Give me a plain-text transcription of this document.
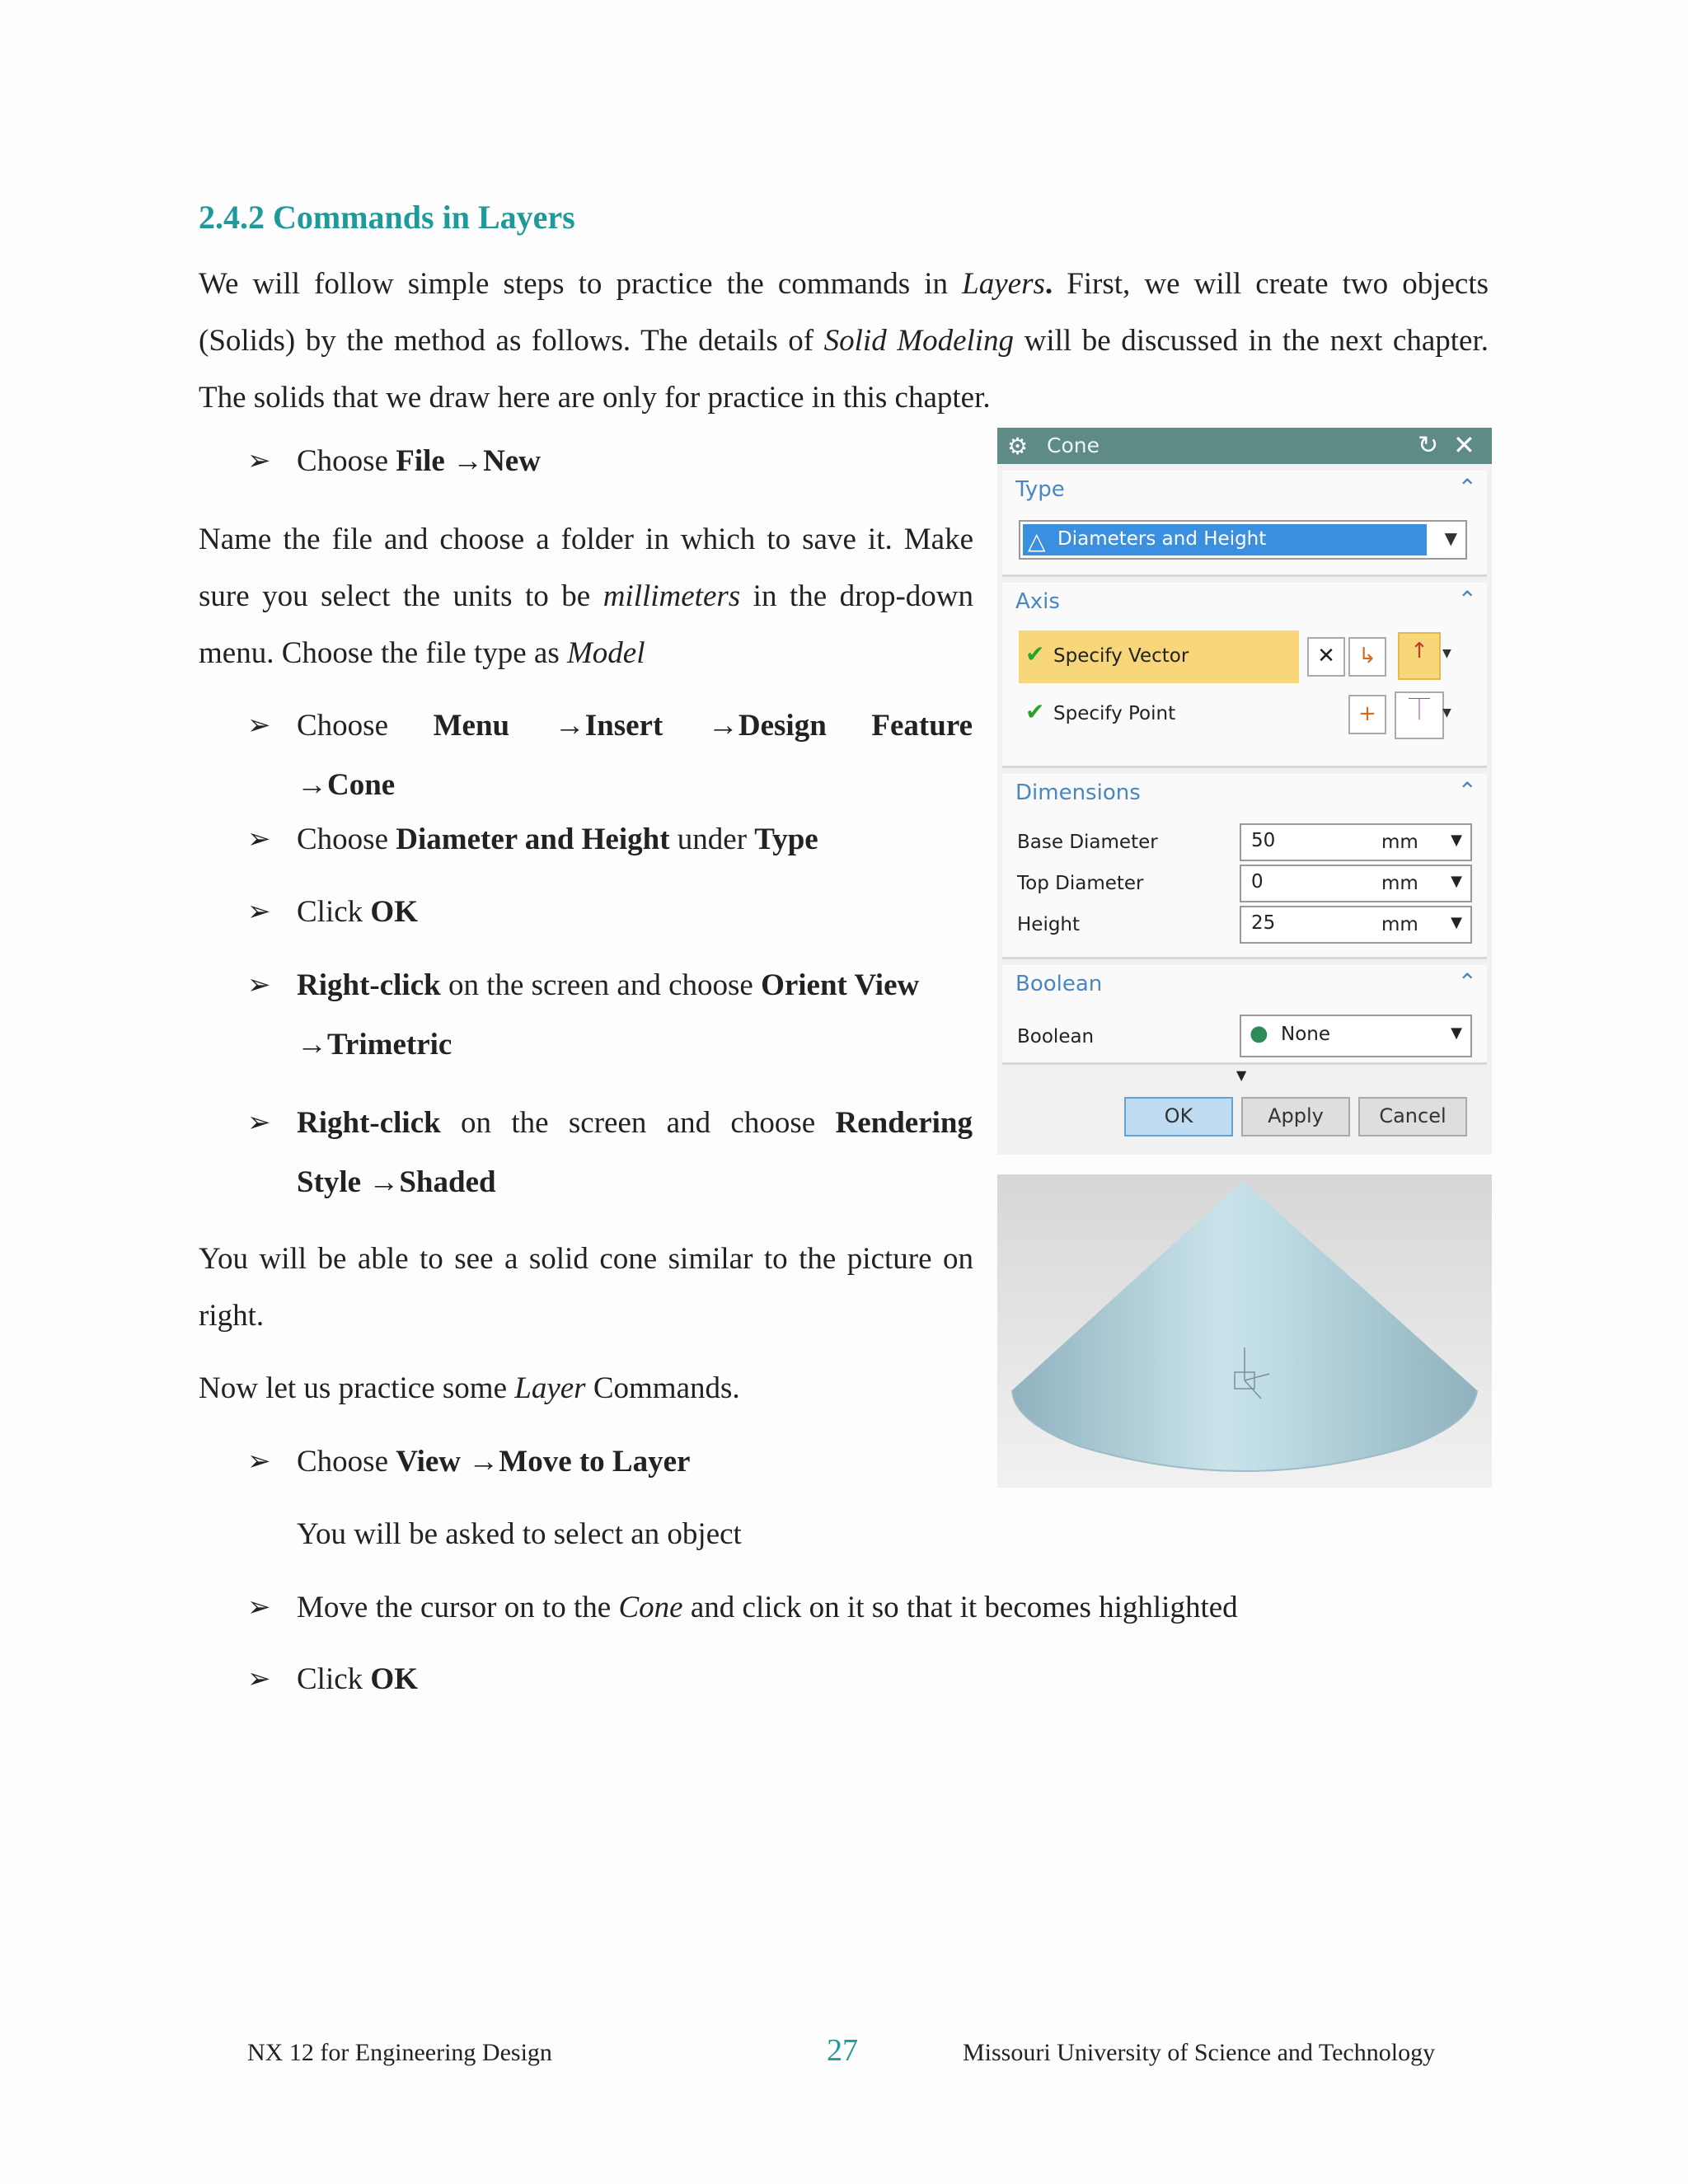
2.4.2 Commands in Layers
We will follow simple steps to practice the commands in Layers. First, we will create two objects (Solids) by the method as follows. The details of Solid Modeling will be discussed in the next chapter. The solids that we draw here are only for practice in this chapter.
➢ Choose File →New
Name the file and choose a folder in which to save it. Make sure you select the units to be millimeters in the drop-down menu. Choose the file type as Model
➢ Choose Menu →Insert →Design Feature
→Cone
➢ Choose Diameter and Height under Type
➢ Click OK
➢ Right-click on the screen and choose Orient View
→Trimetric
➢ Right-click on the screen and choose Rendering
Style →Shaded
You will be able to see a solid cone similar to the picture on right.
Now let us practice some Layer Commands.
➢ Choose View →Move to Layer
You will be asked to select an object
➢ Move the cursor on to the Cone and click on it so that it becomes highlighted
➢ Click OK
⚙ Cone	↻ ✕
Type	⌃
△ Diameters and Height	▼
Axis	⌃
✔ Specify Vector	✕	↳	↑	▼
✔ Specify Point	+	⏉	▼
Dimensions	⌃
Base Diameter	50	mm ▼
Top Diameter	0	mm ▼
Height	25	mm ▼
Boolean	⌃
Boolean	● None	▼
▼
OK	Apply	Cancel
NX 12 for Engineering Design	27	Missouri University of Science and Technology
